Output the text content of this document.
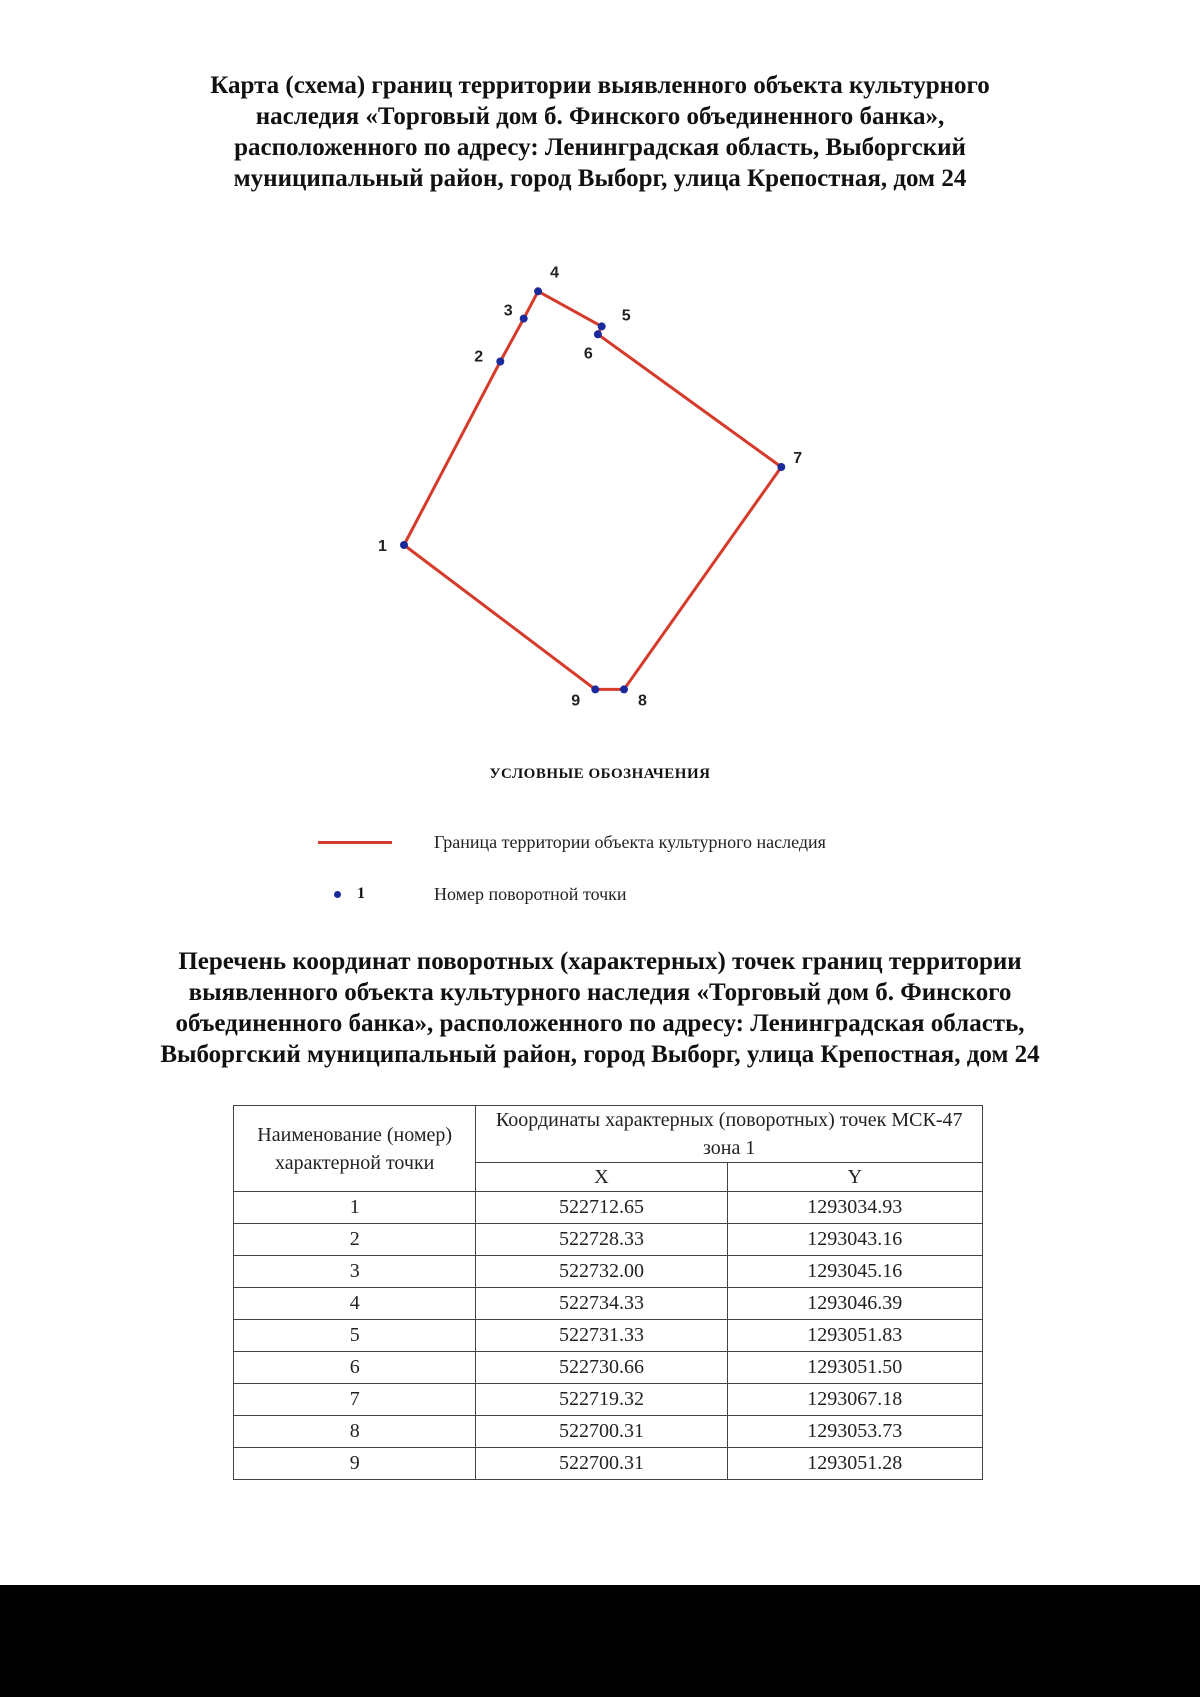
Карта (схема) границ территории выявленного объекта культурного
наследия «Торговый дом б. Финского объединенного банка»,
расположенного по адресу: Ленинградская область, Выборгский
муниципальный район, город Выборг, улица Крепостная, дом 24
1
2
3
4
5
6
7
8
9
УСЛОВНЫЕ ОБОЗНАЧЕНИЯ
Граница территории объекта культурного наследия
1	Номер поворотной точки
Перечень координат поворотных (характерных) точек границ территории
выявленного объекта культурного наследия «Торговый дом б. Финского
объединенного банка», расположенного по адресу: Ленинградская область,
Выборгский муниципальный район, город Выборг, улица Крепостная, дом 24
Наименование (номер) характерной точки	Координаты характерных (поворотных) точек МСК-47 зона 1	
	X	Y
1	522712.65	1293034.93
2	522728.33	1293043.16
3	522732.00	1293045.16
4	522734.33	1293046.39
5	522731.33	1293051.83
6	522730.66	1293051.50
7	522719.32	1293067.18
8	522700.31	1293053.73
9	522700.31	1293051.28
